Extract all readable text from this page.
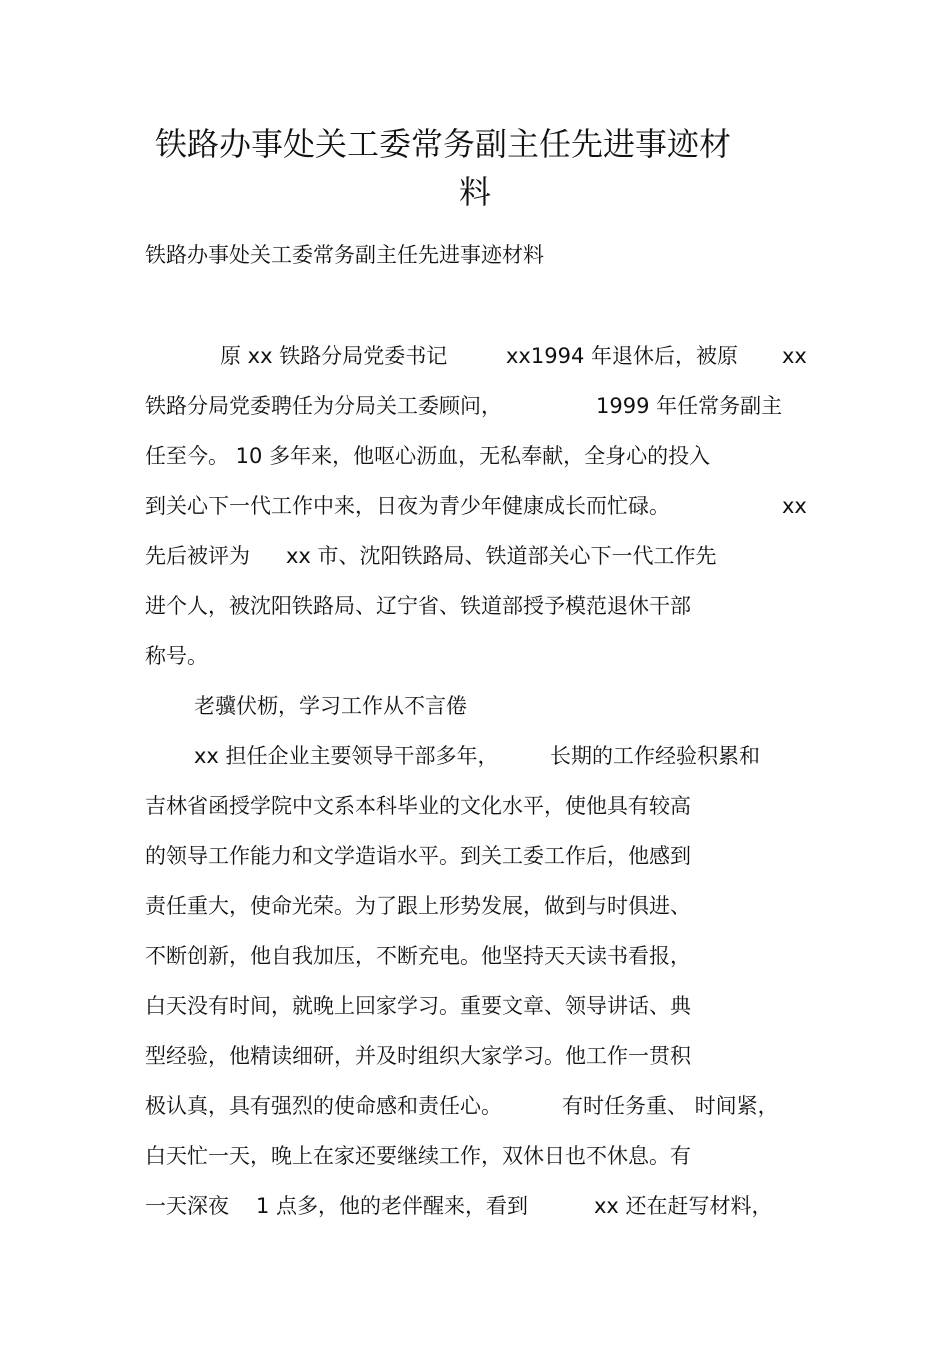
铁路办事处关工委常务副主任先进事迹材
料
铁路办事处关工委常务副主任先进事迹材料
原 xx 铁路分局党委书记	xx1994 年退休后，被原 xx
铁路分局党委聘任为分局关工委顾问，	1999 年任常务副主
任至今。 10 多年来，他呕心沥血，无私奉献，全身心的投入
到关心下一代工作中来，日夜为青少年健康成长而忙碌。	xx
先后被评为 xx 市、沈阳铁路局、铁道部关心下一代工作先
进个人，被沈阳铁路局、辽宁省、铁道部授予模范退休干部
称号。
老骥伏枥，学习工作从不言倦
xx 担任企业主要领导干部多年， 长期的工作经验积累和
吉林省函授学院中文系本科毕业的文化水平，使他具有较高
的领导工作能力和文学造诣水平。到关工委工作后，他感到
责任重大，使命光荣。为了跟上形势发展，做到与时俱进、
不断创新，他自我加压，不断充电。他坚持天天读书看报，
白天没有时间，就晚上回家学习。重要文章、领导讲话、典
型经验，他精读细研，并及时组织大家学习。他工作一贯积
极认真，具有强烈的使命感和责任心。	有时任务重、 时间紧，
白天忙一天，晚上在家还要继续工作，双休日也不休息。有
一天深夜 1 点多，他的老伴醒来，看到	xx 还在赶写材料，
